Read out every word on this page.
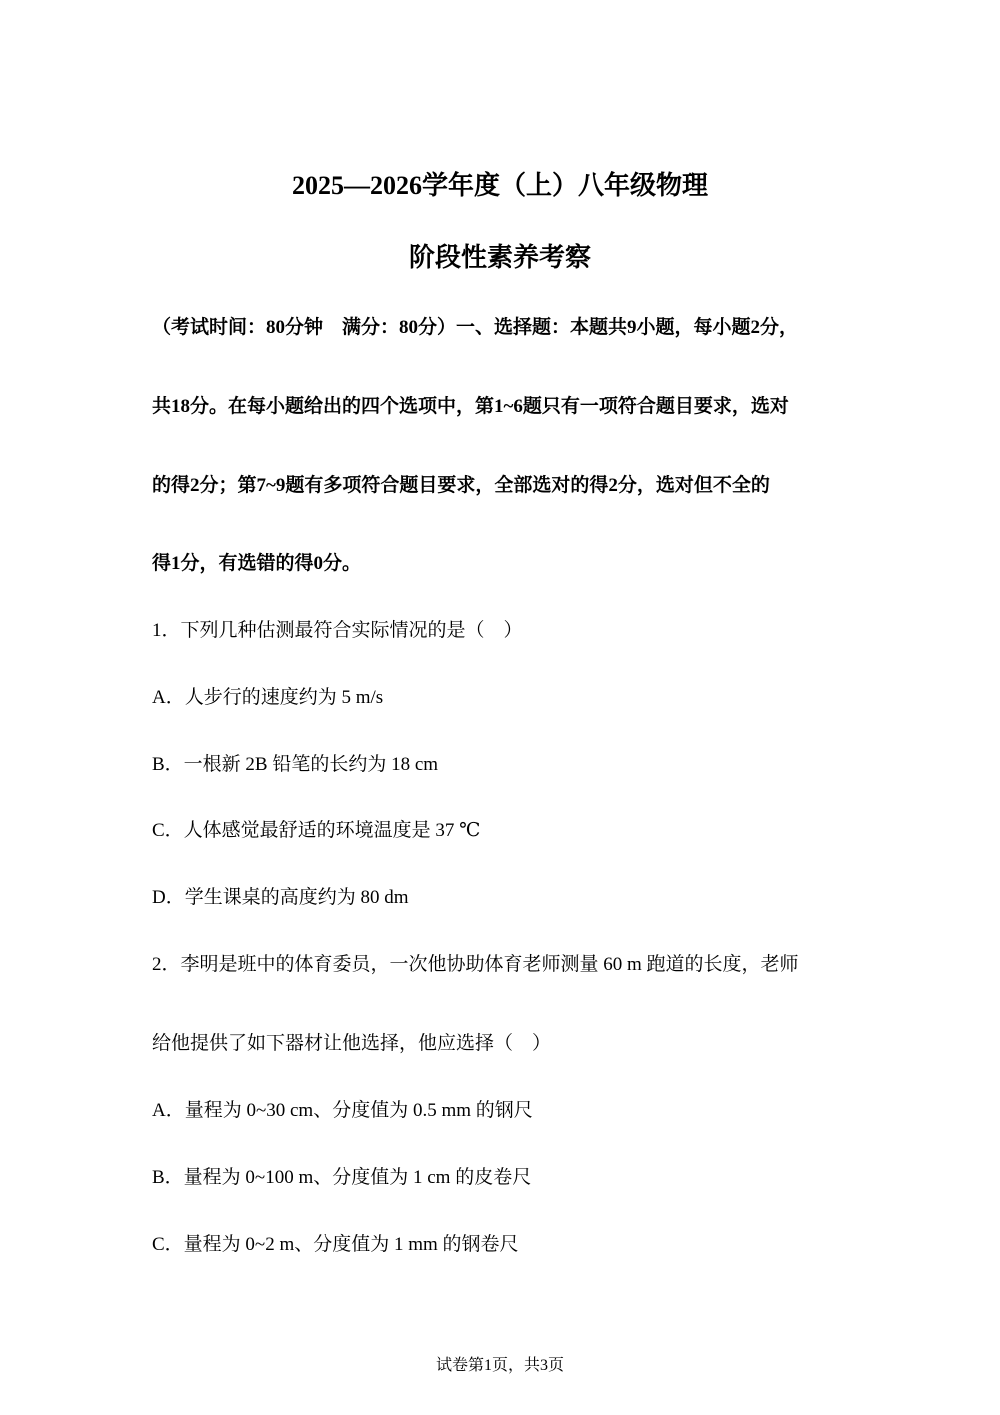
2025—2026学年度（上）八年级物理
阶段性素养考察

（考试时间：80分钟　满分：80分）一、选择题：本题共9小题，每小题2分，

共18分。在每小题给出的四个选项中，第1~6题只有一项符合题目要求，选对

的得2分；第7~9题有多项符合题目要求，全部选对的得2分，选对但不全的

得1分，有选错的得0分。

1．下列几种估测最符合实际情况的是（　）

A．人步行的速度约为 5 m/s

B．一根新 2B 铅笔的长约为 18 cm

C．人体感觉最舒适的环境温度是 37 ℃

D．学生课桌的高度约为 80 dm

2．李明是班中的体育委员，一次他协助体育老师测量 60 m 跑道的长度，老师

给他提供了如下器材让他选择，他应选择（　）

A．量程为 0~30 cm、分度值为 0.5 mm 的钢尺

B．量程为 0~100 m、分度值为 1 cm 的皮卷尺

C．量程为 0~2 m、分度值为 1 mm 的钢卷尺

试卷第1页，共3页
